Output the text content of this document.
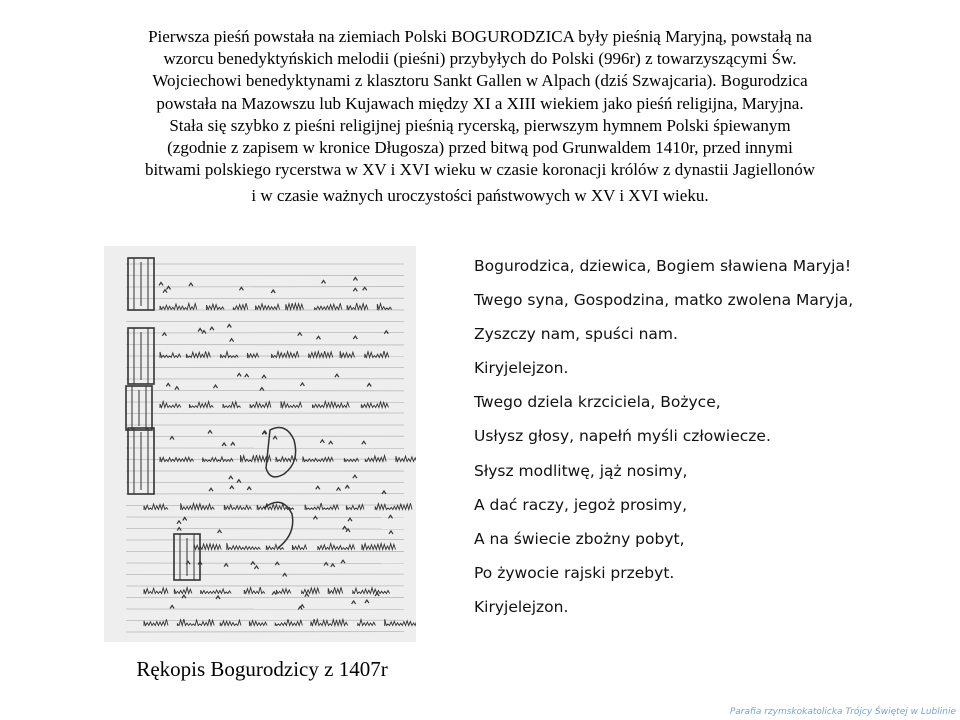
Pierwsza pieśń powstała na ziemiach Polski BOGURODZICA były pieśnią Maryjną, powstałą na
wzorcu benedyktyńskich melodii (pieśni) przybyłych do Polski (996r) z towarzyszącymi Św.
Wojciechowi benedyktynami z klasztoru Sankt Gallen w Alpach (dziś Szwajcaria). Bogurodzica
powstała na Mazowszu lub Kujawach między XI a XIII wiekiem jako pieśń religijna, Maryjna.
Stała się szybko z pieśni religijnej pieśnią rycerską, pierwszym hymnem Polski śpiewanym
(zgodnie z zapisem w kronice Długosza) przed bitwą pod Grunwaldem 1410r, przed innymi
bitwami polskiego rycerstwa w XV i XVI wieku w czasie koronacji królów z dynastii Jagiellonów
i w czasie ważnych uroczystości państwowych w XV i XVI wieku.

Rękopis Bogurodzicy z 1407r
Bogurodzica, dziewica, Bogiem sławiena Maryja!
Twego syna, Gospodzina, matko zwolena Maryja,
Zyszczy nam, spuści nam.
Kiryjelejzon.
Twego dziela krzciciela, Bożyce,
Usłysz głosy, napełń myśli człowiecze.
Słysz modlitwę, jąż nosimy,
A dać raczy, jegoż prosimy,
A na świecie zbożny pobyt,
Po żywocie rajski przebyt.
Kiryjelejzon.
Parafia rzymskokatolicka Trójcy Świętej w Lublinie
